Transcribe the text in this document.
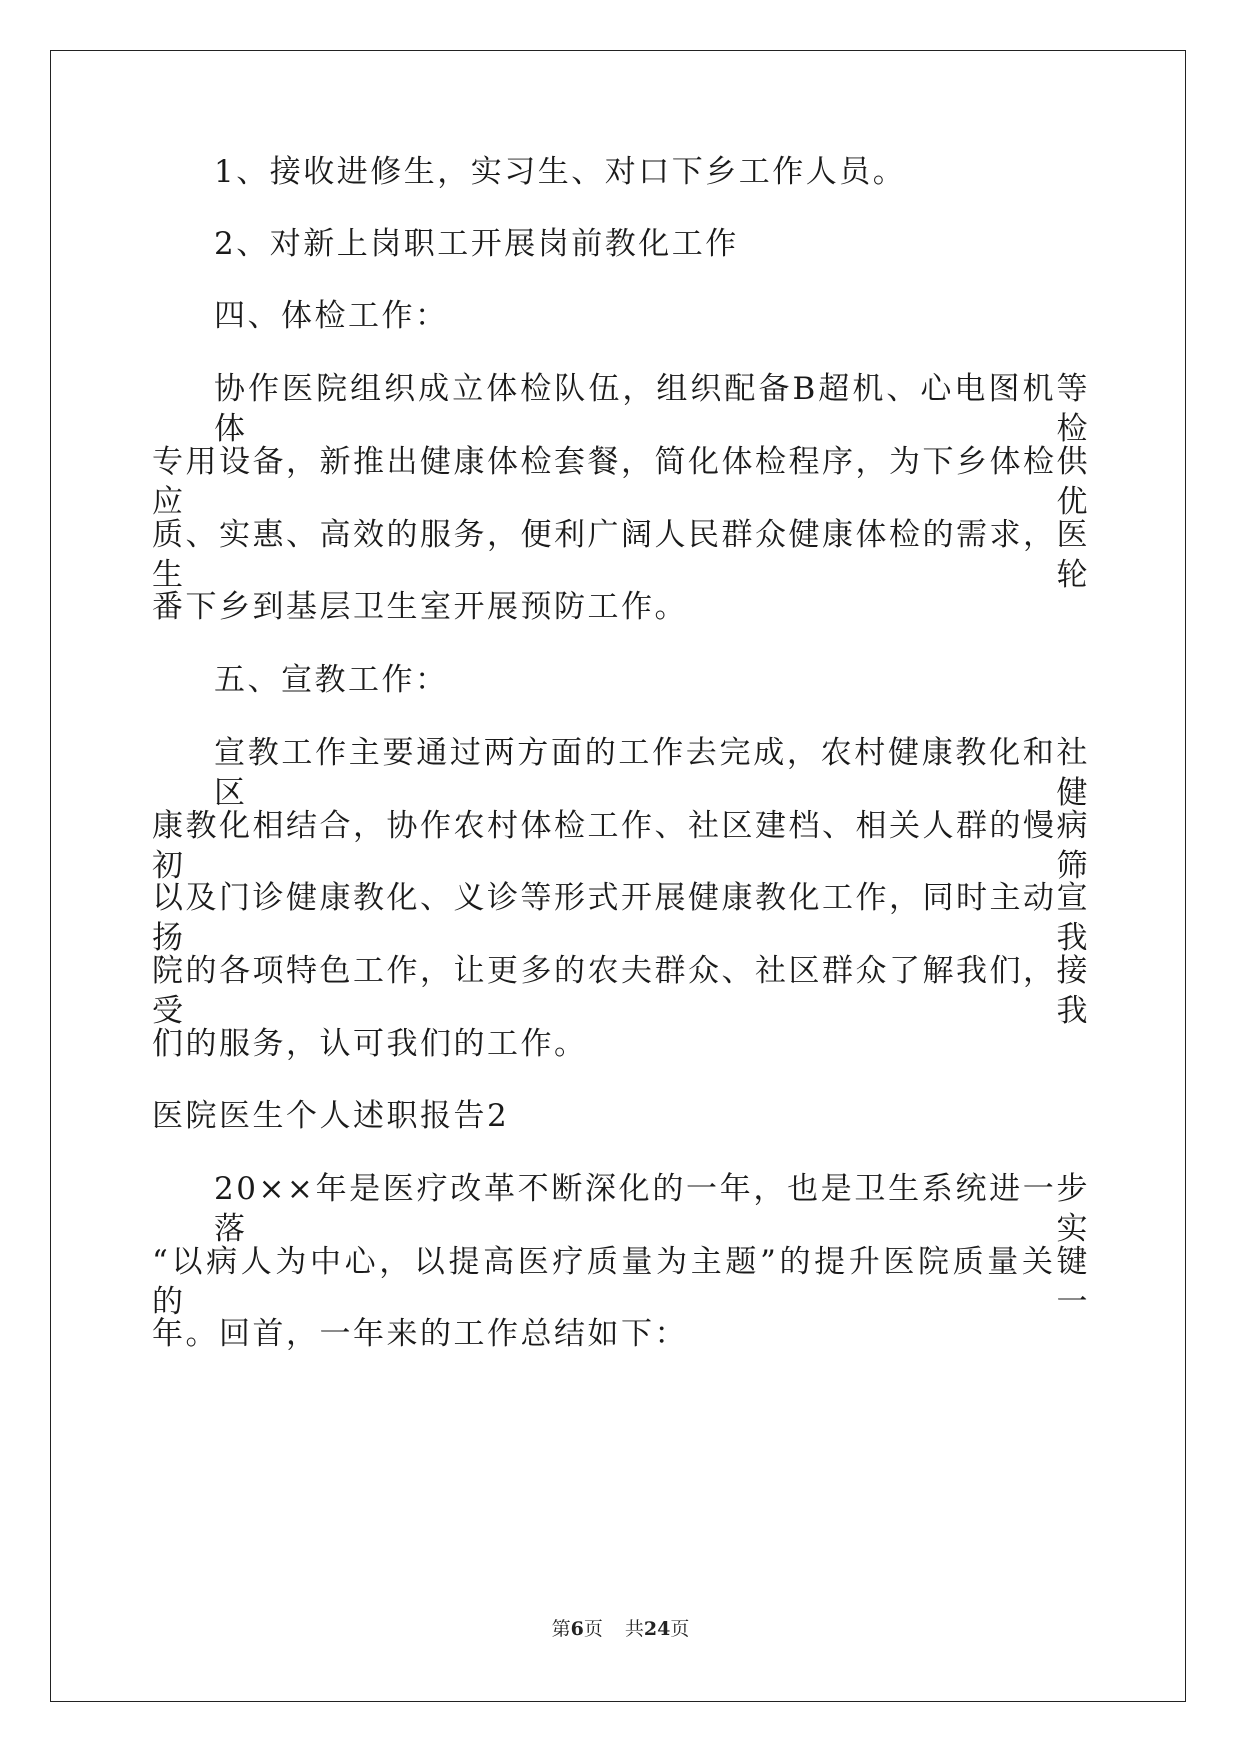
1、接收进修生，实习生、对口下乡工作人员。
2、对新上岗职工开展岗前教化工作
四、体检工作：
协作医院组织成立体检队伍，组织配备B超机、心电图机等体检
专用设备，新推出健康体检套餐，简化体检程序，为下乡体检供应优
质、实惠、高效的服务，便利广阔人民群众健康体检的需求，医生轮
番下乡到基层卫生室开展预防工作。
五、宣教工作：
宣教工作主要通过两方面的工作去完成，农村健康教化和社区健
康教化相结合，协作农村体检工作、社区建档、相关人群的慢病初筛
以及门诊健康教化、义诊等形式开展健康教化工作，同时主动宣扬我
院的各项特色工作，让更多的农夫群众、社区群众了解我们，接受我
们的服务，认可我们的工作。
医院医生个人述职报告2
20××年是医疗改革不断深化的一年，也是卫生系统进一步落实
“以病人为中心，以提高医疗质量为主题”的提升医院质量关键的一
年。回首，一年来的工作总结如下：
第6页 共24页
